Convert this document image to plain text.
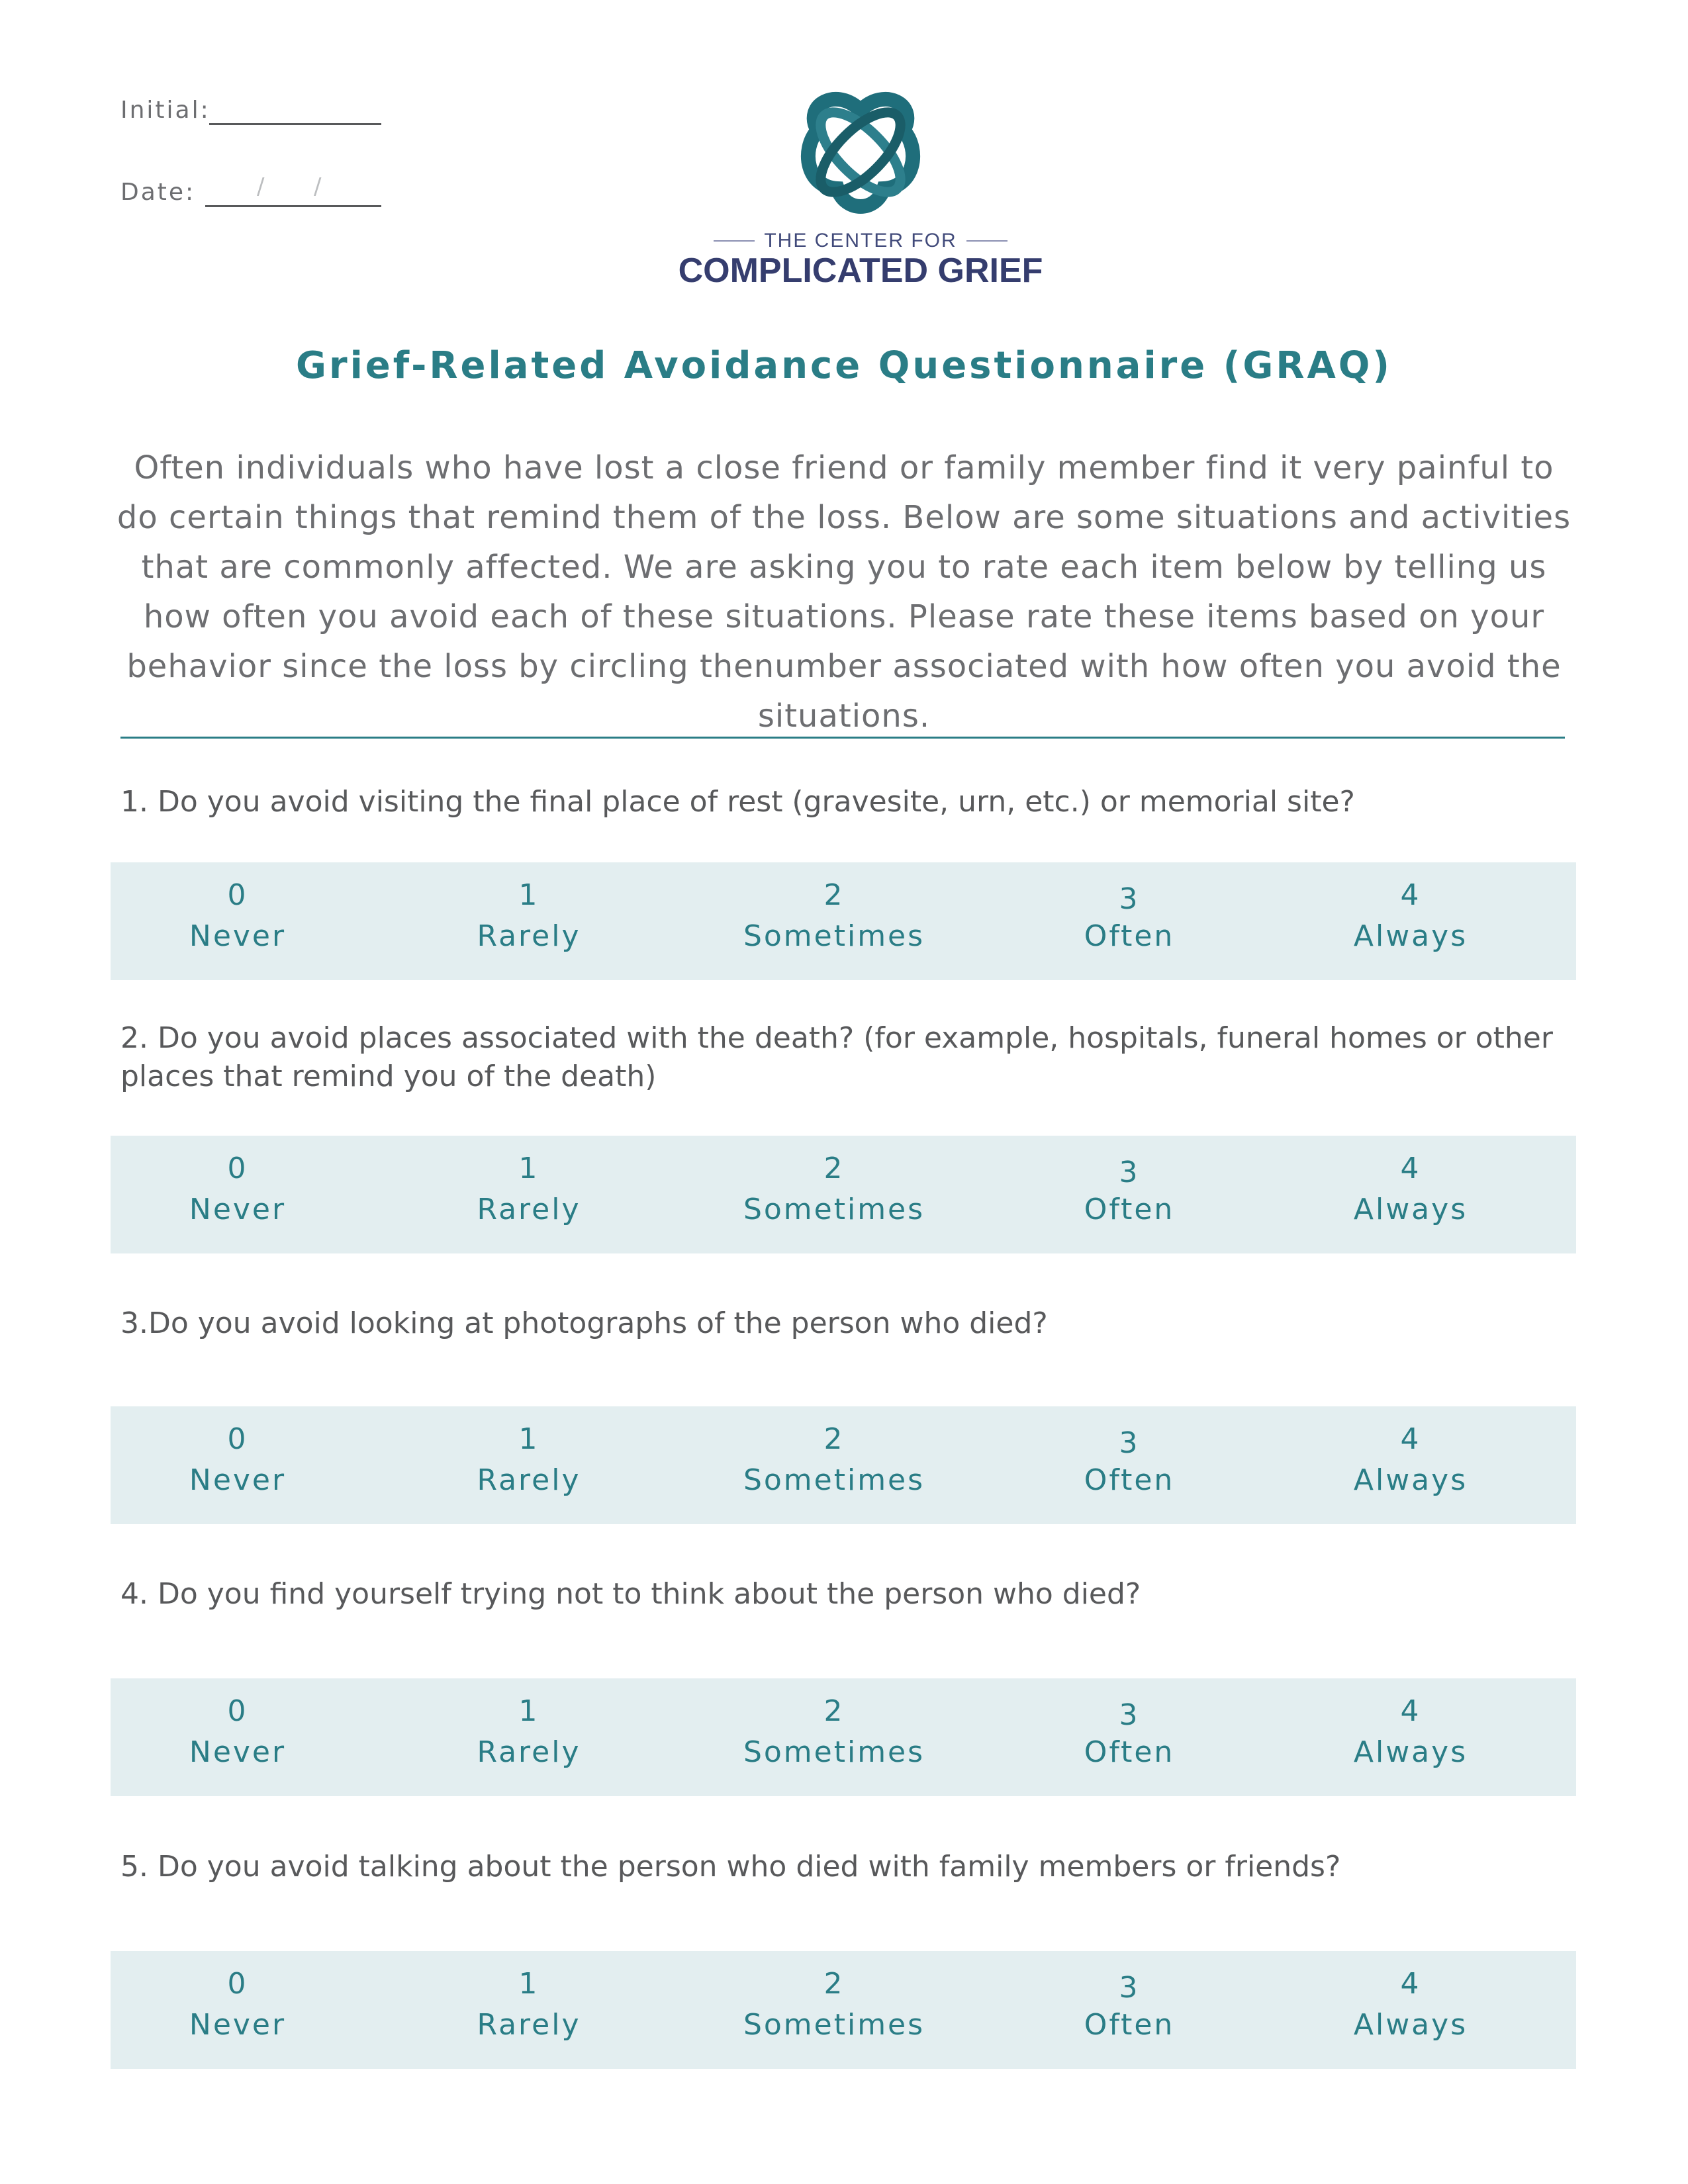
Initial:
Date:	/ /
THE CENTER FOR
COMPLICATED GRIEF
Grief-Related Avoidance Questionnaire (GRAQ)
Often individuals who have lost a close friend or family member find it very painful to do certain things that remind them of the loss. Below are some situations and activities that are commonly affected. We are asking you to rate each item below by telling us how often you avoid each of these situations. Please rate these items based on your behavior since the loss by circling thenumber associated with how often you avoid the situations.
1. Do you avoid visiting the final place of rest (gravesite, urn, etc.) or memorial site?
0
Never
1
Rarely
2
Sometimes
3
Often
4
Always
2. Do you avoid places associated with the death? (for example, hospitals, funeral homes or other places that remind you of the death)
0
Never
1
Rarely
2
Sometimes
3
Often
4
Always
3.Do you avoid looking at photographs of the person who died?
0
Never
1
Rarely
2
Sometimes
3
Often
4
Always
4. Do you find yourself trying not to think about the person who died?
0
Never
1
Rarely
2
Sometimes
3
Often
4
Always
5. Do you avoid talking about the person who died with family members or friends?
0
Never
1
Rarely
2
Sometimes
3
Often
4
Always
